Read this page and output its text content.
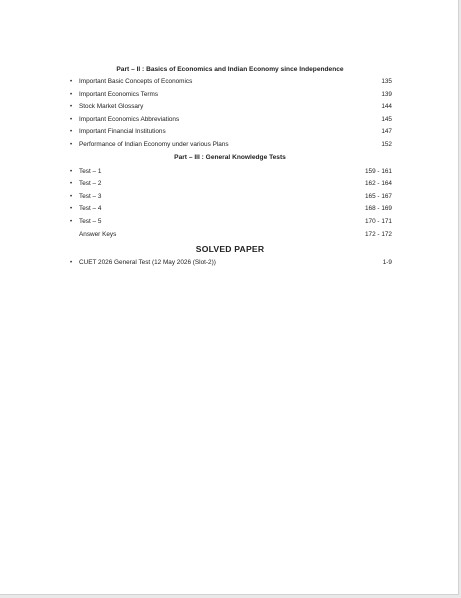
Part – II : Basics of Economics and Indian Economy since Independence
• Important Basic Concepts of Economics	135
• Important Economics Terms	139
• Stock Market Glossary	144
• Important Economics Abbreviations	145
• Important Financial Institutions	147
• Performance of Indian Economy under various Plans	152
Part – III : General Knowledge Tests
• Test – 1	159 - 161
• Test – 2	162 - 164
• Test – 3	165 - 167
• Test – 4	168 - 169
• Test – 5	170 - 171
Answer Keys	172 - 172
SOLVED PAPER
• CUET 2026 General Test (12 May 2026 (Slot-2))	1-9
